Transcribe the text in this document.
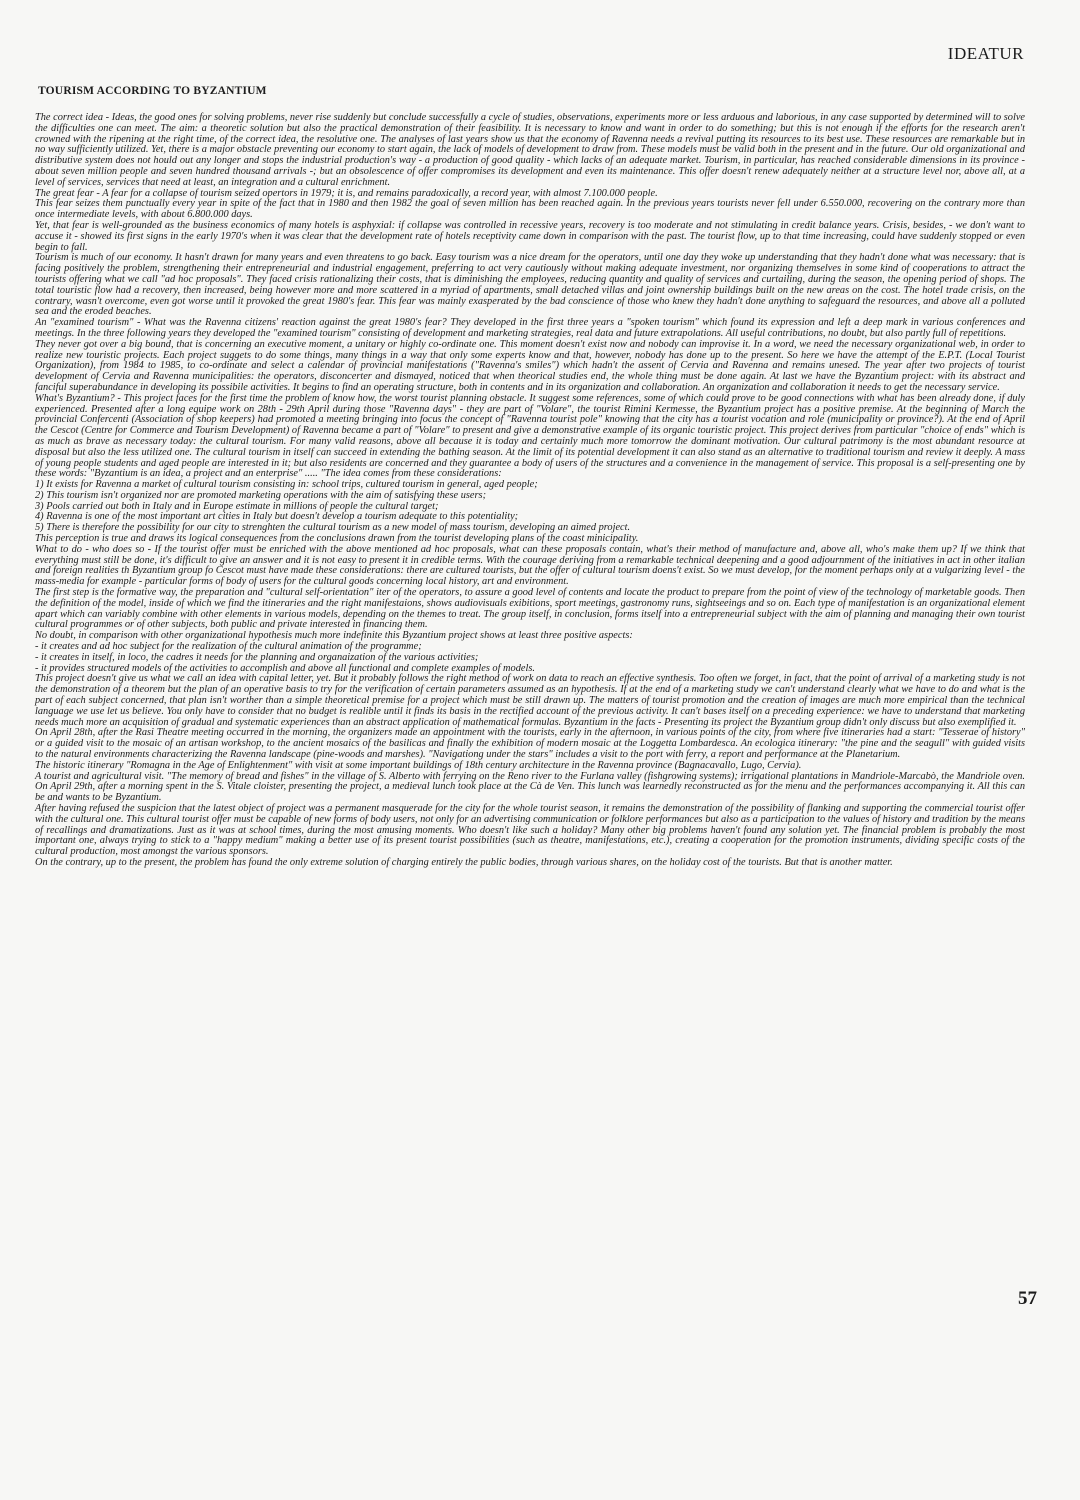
IDEATUR
TOURISM ACCORDING TO BYZANTIUM

The correct idea - Ideas, the good ones for solving problems, never rise suddenly but conclude successfully a cycle of studies, observations, experiments more or less arduous and laborious, in any case supported by determined will to solve the difficulties one can meet. The aim: a theoretic solution but also the practical demonstration of their feasibility. It is necessary to know and want in order to do something; but this is not enough if the efforts for the research aren't crowned with the ripening at the right time, of the correct idea, the resolutive one. The analyses of last years show us that the economy of Ravenna needs a revival putting its resources to its best use. These resources are remarkable but in no way sufficiently utilized. Yet, there is a major obstacle preventing our economy to start again, the lack of models of development to draw from. These models must be valid both in the present and in the future. Our old organizational and distributive system does not hould out any longer and stops the industrial production's way - a production of good quality - which lacks of an adequate market. Tourism, in particular, has reached considerable dimensions in its province - about seven million people and seven hundred thousand arrivals -; but an obsolescence of offer compromises its development and even its maintenance. This offer doesn't renew adequately neither at a structure level nor, above all, at a level of services, services that need at least, an integration and a cultural enrichment.

The great fear - A fear for a collapse of tourism seized opertors in 1979; it is, and remains paradoxically, a record year, with almost 7.100.000 people.

This fear seizes them punctually every year in spite of the fact that in 1980 and then 1982 the goal of seven million has been reached again. In the previous years tourists never fell under 6.550.000, recovering on the contrary more than once intermediate levels, with about 6.800.000 days.

Yet, that fear is well-grounded as the business economics of many hotels is asphyxial: if collapse was controlled in recessive years, recovery is too moderate and not stimulating in credit balance years. Crisis, besides, - we don't want to accuse it - showed its first signs in the early 1970's when it was clear that the development rate of hotels receptivity came down in comparison with the past. The tourist flow, up to that time increasing, could have suddenly stopped or even begin to fall.

Tourism is much of our economy. It hasn't drawn for many years and even threatens to go back. Easy tourism was a nice dream for the operators, until one day they woke up understanding that they hadn't done what was necessary: that is facing positively the problem, strengthening their entrepreneurial and industrial engagement, preferring to act very cautiously without making adequate investment, nor organizing themselves in some kind of cooperations to attract the tourists offering what we call "ad hoc proposals". They faced crisis rationalizing their costs, that is diminishing the employees, reducing quantity and quality of services and curtailing, during the season, the opening period of shops. The total touristic flow had a recovery, then increased, being however more and more scattered in a myriad of apartments, small detached villas and joint ownership buildings built on the new areas on the cost. The hotel trade crisis, on the contrary, wasn't overcome, even got worse until it provoked the great 1980's fear. This fear was mainly exasperated by the bad conscience of those who knew they hadn't done anything to safeguard the resources, and above all a polluted sea and the eroded beaches.

An "examined tourism" - What was the Ravenna citizens' reaction against the great 1980's fear? They developed in the first three years a "spoken tourism" which found its expression and left a deep mark in various conferences and meetings. In the three following years they developed the "examined tourism" consisting of development and marketing strategies, real data and future extrapolations. All useful contributions, no doubt, but also partly full of repetitions.

They never got over a big bound, that is concerning an executive moment, a unitary or highly co-ordinate one. This moment doesn't exist now and nobody can improvise it. In a word, we need the necessary organizational web, in order to realize new touristic projects. Each project suggets to do some things, many things in a way that only some experts know and that, however, nobody has done up to the present. So here we have the attempt of the E.P.T. (Local Tourist Organization), from 1984 to 1985, to co-ordinate and select a calendar of provincial manifestations ("Ravenna's smiles") which hadn't the assent of Cervia and Ravenna and remains unesed. The year after two projects of tourist development of Cervia and Ravenna municipalities: the operators, disconcerter and dismayed, noticed that when theorical studies end, the whole thing must be done again. At last we have the Byzantium project: with its abstract and fanciful superabundance in developing its possibile activities. It begins to find an operating structure, both in contents and in its organization and collaboration. An organization and collaboration it needs to get the necessary service.

What's Byzantium? - This project faces for the first time the problem of know how, the worst tourist planning obstacle. It suggest some references, some of which could prove to be good connections with what has been already done, if duly experienced. Presented after a long equipe work on 28th - 29th April during those "Ravenna days" - they are part of "Volare", the tourist Rimini Kermesse, the Byzantium project has a positive premise. At the beginning of March the provincial Confercenti (Association of shop keepers) had promoted a meeting bringing into focus the concept of "Ravenna tourist pole" knowing that the city has a tourist vocation and role (municipality or province?). At the end of April the Cescot (Centre for Commerce and Tourism Development) of Ravenna became a part of "Volare" to present and give a demonstrative example of its organic touristic project. This project derives from particular "choice of ends" which is as much as brave as necessary today: the cultural tourism. For many valid reasons, above all because it is today and certainly much more tomorrow the dominant motivation. Our cultural patrimony is the most abundant resource at disposal but also the less utilized one. The cultural tourism in itself can succeed in extending the bathing season. At the limit of its potential development it can also stand as an alternative to traditional tourism and review it deeply. A mass of young people students and aged people are interested in it; but also residents are concerned and they guarantee a body of users of the structures and a convenience in the management of service. This proposal is a self-presenting one by these words: "Byzantium is an idea, a project and an enterprise" ..... "The idea comes from these considerations:

1) It exists for Ravenna a market of cultural tourism consisting in: school trips, cultured tourism in general, aged people;

2) This tourism isn't organized nor are promoted marketing operations with the aim of satisfying these users;

3) Pools carried out both in Italy and in Europe estimate in millions of people the cultural target;

4) Ravenna is one of the most important art cities in Italy but doesn't develop a tourism adequate to this potentiality;

5) There is therefore the possibility for our city to strenghten the cultural tourism as a new model of mass tourism, developing an aimed project.

This perception is true and draws its logical consequences from the conclusions drawn from the tourist developing plans of the coast minicipality.

What to do - who does so - If the tourist offer must be enriched with the above mentioned ad hoc proposals, what can these proposals contain, what's their method of manufacture and, above all, who's make them up? If we think that everything must still be done, it's difficult to give an answer and it is not easy to present it in credible terms. With the courage deriving from a remarkable technical deepening and a good adjournment of the initiatives in act in other italian and foreign realities th Byzantium group fo Cescot must have made these considerations: there are cultured tourists, but the offer of cultural tourism doens't exist. So we must develop, for the moment perhaps only at a vulgarizing level - the mass-media for example - particular forms of body of users for the cultural goods concerning local history, art and environment.

The first step is the formative way, the preparation and "cultural self-orientation" iter of the operators, to assure a good level of contents and locate the product to prepare from the point of view of the technology of marketable goods. Then the definition of the model, inside of which we find the itineraries and the right manifestaions, shows audiovisuals exibitions, sport meetings, gastronomy runs, sightseeings and so on. Each type of manifestation is an organizational element apart which can variably combine with other elements in various models, depending on the themes to treat. The group itself, in conclusion, forms itself into a entrepreneurial subject with the aim of planning and managing their own tourist cultural programmes or of other subjects, both public and private interested in financing them.

No doubt, in comparison with other organizational hypothesis much more indefinite this Byzantium project shows at least three positive aspects:

- it creates and ad hoc subject for the realization of the cultural animation of the programme;

- it creates in itself, in loco, the cadres it needs for the planning and organaization of the various activities;

- it provides structured models of the activities to accomplish and above all functional and complete examples of models.

This project doesn't give us what we call an idea with capital letter, yet. But it probably follows the right method of work on data to reach an effective synthesis. Too often we forget, in fact, that the point of arrival of a marketing study is not the demonstration of a theorem but the plan of an operative basis to try for the verification of certain parameters assumed as an hypothesis. If at the end of a marketing study we can't understand clearly what we have to do and what is the part of each subject concerned, that plan isn't worther than a simple theoretical premise for a project which must be still drawn up. The matters of tourist promotion and the creation of images are much more empirical than the technical language we use let us believe. You only have to consider that no budget is realible until it finds its basis in the rectified account of the previous activity. It can't bases itself on a preceding experience: we have to understand that marketing needs much more an acquisition of gradual and systematic experiences than an abstract application of mathematical formulas. Byzantium in the facts - Presenting its project the Byzantium group didn't only discuss but also exemplified it.

On April 28th, after the Rasi Theatre meeting occurred in the morning, the organizers made an appointment with the tourists, early in the afternoon, in various points of the city, from where five itineraries had a start: "Tesserae of history" or a guided visit to the mosaic of an artisan workshop, to the ancient mosaics of the basilicas and finally the exhibition of modern mosaic at the Loggetta Lombardesca. An ecologica itinerary: "the pine and the seagull" with guided visits to the natural environments characterizing the Ravenna landscape (pine-woods and marshes). "Navigationg under the stars" includes a visit to the port with ferry, a report and performance at the Planetarium.

The historic itinerary "Romagna in the Age of Enlightenment" with visit at some important buildings of 18th century architecture in the Ravenna province (Bagnacavallo, Lugo, Cervia).

A tourist and agricultural visit. "The memory of bread and fishes" in the village of S. Alberto with ferrying on the Reno river to the Furlana valley (fishgrowing systems); irrigational plantations in Mandriole-Marcabò, the Mandriole oven. On April 29th, after a morning spent in the S. Vitale cloister, presenting the project, a medieval lunch took place at the Cà de Ven. This lunch was learnedly reconstructed as for the menu and the performances accompanying it. All this can be and wants to be Byzantium.

After having refused the suspicion that the latest object of project was a permanent masquerade for the city for the whole tourist season, it remains the demonstration of the possibility of flanking and supporting the commercial tourist offer with the cultural one. This cultural tourist offer must be capable of new forms of body users, not only for an advertising communication or folklore performances but also as a participation to the values of history and tradition by the means of recallings and dramatizations. Just as it was at school times, during the most amusing moments. Who doesn't like such a holiday? Many other big problems haven't found any solution yet. The financial problem is probably the most important one, always trying to stick to a "happy medium" making a better use of its present tourist possibilities (such as theatre, manifestations, etc.), creating a cooperation for the promotion instruments, dividing specific costs of the cultural production, most amongst the various sponsors.

On the contrary, up to the present, the problem has found the only extreme solution of charging entirely the public bodies, through various shares, on the holiday cost of the tourists. But that is another matter.

57
